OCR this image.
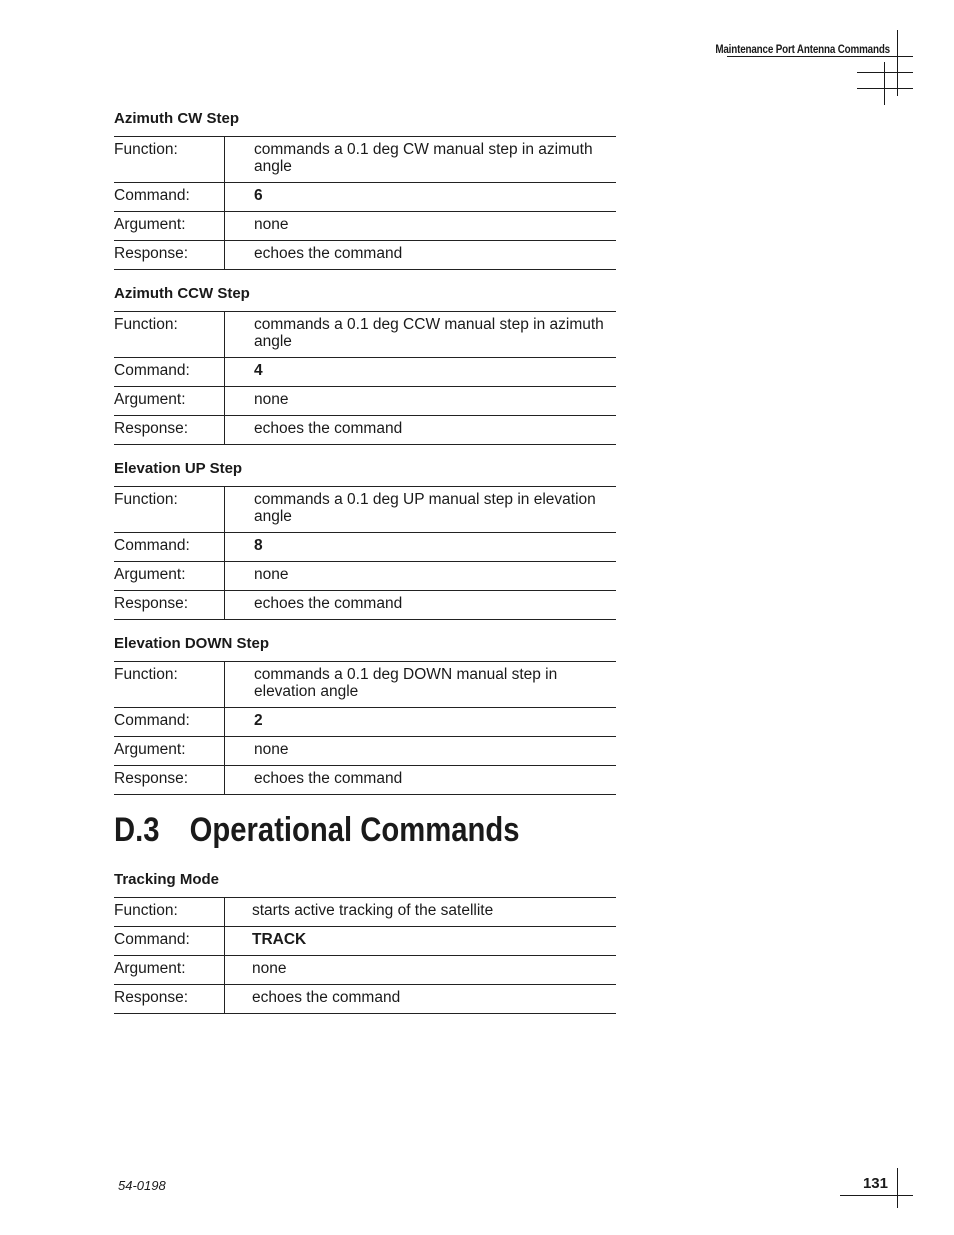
Maintenance Port Antenna Commands
Azimuth CW Step
Function:	commands a 0.1 deg CW manual step in azimuth angle
Command:	6
Argument:	none
Response:	echoes the command
Azimuth CCW Step
Function:	commands a 0.1 deg CCW manual step in azimuth angle
Command:	4
Argument:	none
Response:	echoes the command
Elevation UP Step
Function:	commands a 0.1 deg UP manual step in elevation angle
Command:	8
Argument:	none
Response:	echoes the command
Elevation DOWN Step
Function:	commands a 0.1 deg DOWN manual step in elevation angle
Command:	2
Argument:	none
Response:	echoes the command
D.3 Operational Commands
Tracking Mode
Function:	starts active tracking of the satellite
Command:	TRACK
Argument:	none
Response:	echoes the command
54-0198	131
